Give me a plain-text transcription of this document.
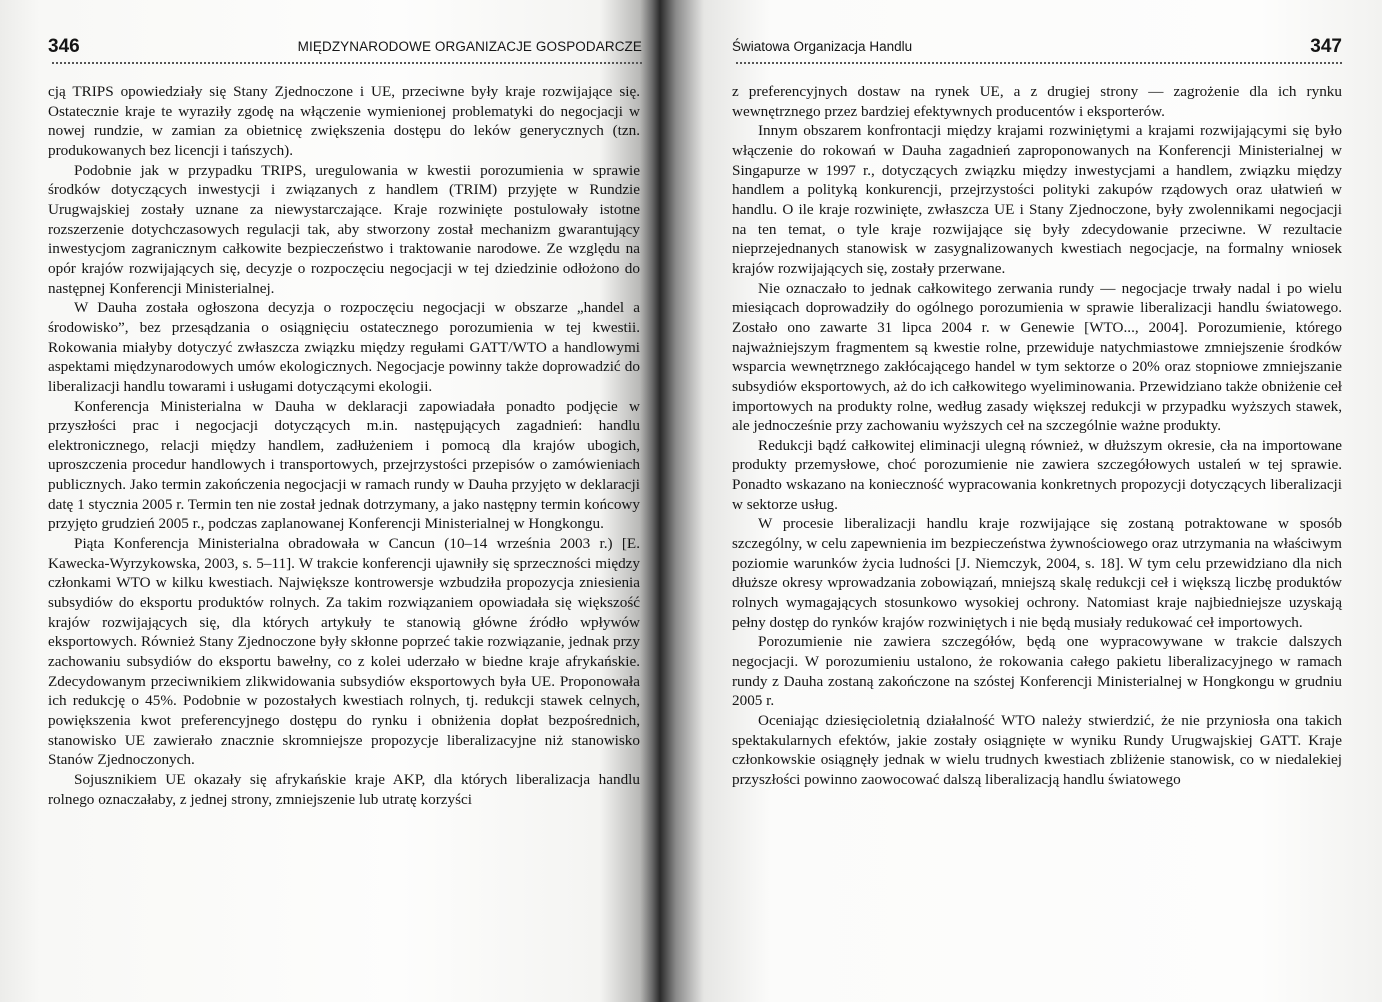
346	MIĘDZYNARODOWE ORGANIZACJE GOSPODARCZE

cją TRIPS opowiedziały się Stany Zjednoczone i UE, przeciwne były kraje rozwijające się. Ostatecznie kraje te wyraziły zgodę na włączenie wymienionej problematyki do negocjacji w nowej rundzie, w zamian za obietnicę zwiększenia dostępu do leków generycznych (tzn. produkowanych bez licencji i tańszych).

Podobnie jak w przypadku TRIPS, uregulowania w kwestii porozumienia w sprawie środków dotyczących inwestycji i związanych z handlem (TRIM) przyjęte w Rundzie Urugwajskiej zostały uznane za niewystarczające. Kraje rozwinięte postulowały istotne rozszerzenie dotychczasowych regulacji tak, aby stworzony został mechanizm gwarantujący inwestycjom zagranicznym całkowite bezpieczeństwo i traktowanie narodowe. Ze względu na opór krajów rozwijających się, decyzje o rozpoczęciu negocjacji w tej dziedzinie odłożono do następnej Konferencji Ministerialnej.

W Dauha została ogłoszona decyzja o rozpoczęciu negocjacji w obszarze „handel a środowisko”, bez przesądzania o osiągnięciu ostatecznego porozumienia w tej kwestii. Rokowania miałyby dotyczyć zwłaszcza związku między regułami GATT/WTO a handlowymi aspektami międzynarodowych umów ekologicznych. Negocjacje powinny także doprowadzić do liberalizacji handlu towarami i usługami dotyczącymi ekologii.

Konferencja Ministerialna w Dauha w deklaracji zapowiadała ponadto podjęcie w przyszłości prac i negocjacji dotyczących m.in. następujących zagadnień: handlu elektronicznego, relacji między handlem, zadłużeniem i pomocą dla krajów ubogich, uproszczenia procedur handlowych i transportowych, przejrzystości przepisów o zamówieniach publicznych. Jako termin zakończenia negocjacji w ramach rundy w Dauha przyjęto w deklaracji datę 1 stycznia 2005 r. Termin ten nie został jednak dotrzymany, a jako następny termin końcowy przyjęto grudzień 2005 r., podczas zaplanowanej Konferencji Ministerialnej w Hongkongu.

Piąta Konferencja Ministerialna obradowała w Cancun (10–14 września 2003 r.) [E. Kawecka-Wyrzykowska, 2003, s. 5–11]. W trakcie konferencji ujawniły się sprzeczności między członkami WTO w kilku kwestiach. Największe kontrowersje wzbudziła propozycja zniesienia subsydiów do eksportu produktów rolnych. Za takim rozwiązaniem opowiadała się większość krajów rozwijających się, dla których artykuły te stanowią główne źródło wpływów eksportowych. Również Stany Zjednoczone były skłonne poprzeć takie rozwiązanie, jednak przy zachowaniu subsydiów do eksportu bawełny, co z kolei uderzało w biedne kraje afrykańskie. Zdecydowanym przeciwnikiem zlikwidowania subsydiów eksportowych była UE. Proponowała ich redukcję o 45%. Podobnie w pozostałych kwestiach rolnych, tj. redukcji stawek celnych, powiększenia kwot preferencyjnego dostępu do rynku i obniżenia dopłat bezpośrednich, stanowisko UE zawierało znacznie skromniejsze propozycje liberalizacyjne niż stanowisko Stanów Zjednoczonych.

Sojusznikiem UE okazały się afrykańskie kraje AKP, dla których liberalizacja handlu rolnego oznaczałaby, z jednej strony, zmniejszenie lub utratę korzyści

Światowa Organizacja Handlu	347

z preferencyjnych dostaw na rynek UE, a z drugiej strony — zagrożenie dla ich rynku wewnętrznego przez bardziej efektywnych producentów i eksporterów.

Innym obszarem konfrontacji między krajami rozwiniętymi a krajami rozwijającymi się było włączenie do rokowań w Dauha zagadnień zaproponowanych na Konferencji Ministerialnej w Singapurze w 1997 r., dotyczących związku między inwestycjami a handlem, związku między handlem a polityką konkurencji, przejrzystości polityki zakupów rządowych oraz ułatwień w handlu. O ile kraje rozwinięte, zwłaszcza UE i Stany Zjednoczone, były zwolennikami negocjacji na ten temat, o tyle kraje rozwijające się były zdecydowanie przeciwne. W rezultacie nieprzejednanych stanowisk w zasygnalizowanych kwestiach negocjacje, na formalny wniosek krajów rozwijających się, zostały przerwane.

Nie oznaczało to jednak całkowitego zerwania rundy — negocjacje trwały nadal i po wielu miesiącach doprowadziły do ogólnego porozumienia w sprawie liberalizacji handlu światowego. Zostało ono zawarte 31 lipca 2004 r. w Genewie [WTO..., 2004]. Porozumienie, którego najważniejszym fragmentem są kwestie rolne, przewiduje natychmiastowe zmniejszenie środków wsparcia wewnętrznego zakłócającego handel w tym sektorze o 20% oraz stopniowe zmniejszanie subsydiów eksportowych, aż do ich całkowitego wyeliminowania. Przewidziano także obniżenie ceł importowych na produkty rolne, według zasady większej redukcji w przypadku wyższych stawek, ale jednocześnie przy zachowaniu wyższych ceł na szczególnie ważne produkty.

Redukcji bądź całkowitej eliminacji ulegną również, w dłuższym okresie, cła na importowane produkty przemysłowe, choć porozumienie nie zawiera szczegółowych ustaleń w tej sprawie. Ponadto wskazano na konieczność wypracowania konkretnych propozycji dotyczących liberalizacji w sektorze usług.

W procesie liberalizacji handlu kraje rozwijające się zostaną potraktowane w sposób szczególny, w celu zapewnienia im bezpieczeństwa żywnościowego oraz utrzymania na właściwym poziomie warunków życia ludności [J. Niemczyk, 2004, s. 18]. W tym celu przewidziano dla nich dłuższe okresy wprowadzania zobowiązań, mniejszą skalę redukcji ceł i większą liczbę produktów rolnych wymagających stosunkowo wysokiej ochrony. Natomiast kraje najbiedniejsze uzyskają pełny dostęp do rynków krajów rozwiniętych i nie będą musiały redukować ceł importowych.

Porozumienie nie zawiera szczegółów, będą one wypracowywane w trakcie dalszych negocjacji. W porozumieniu ustalono, że rokowania całego pakietu liberalizacyjnego w ramach rundy z Dauha zostaną zakończone na szóstej Konferencji Ministerialnej w Hongkongu w grudniu 2005 r.

Oceniając dziesięcioletnią działalność WTO należy stwierdzić, że nie przyniosła ona takich spektakularnych efektów, jakie zostały osiągnięte w wyniku Rundy Urugwajskiej GATT. Kraje członkowskie osiągnęły jednak w wielu trudnych kwestiach zbliżenie stanowisk, co w niedalekiej przyszłości powinno zaowocować dalszą liberalizacją handlu światowego
